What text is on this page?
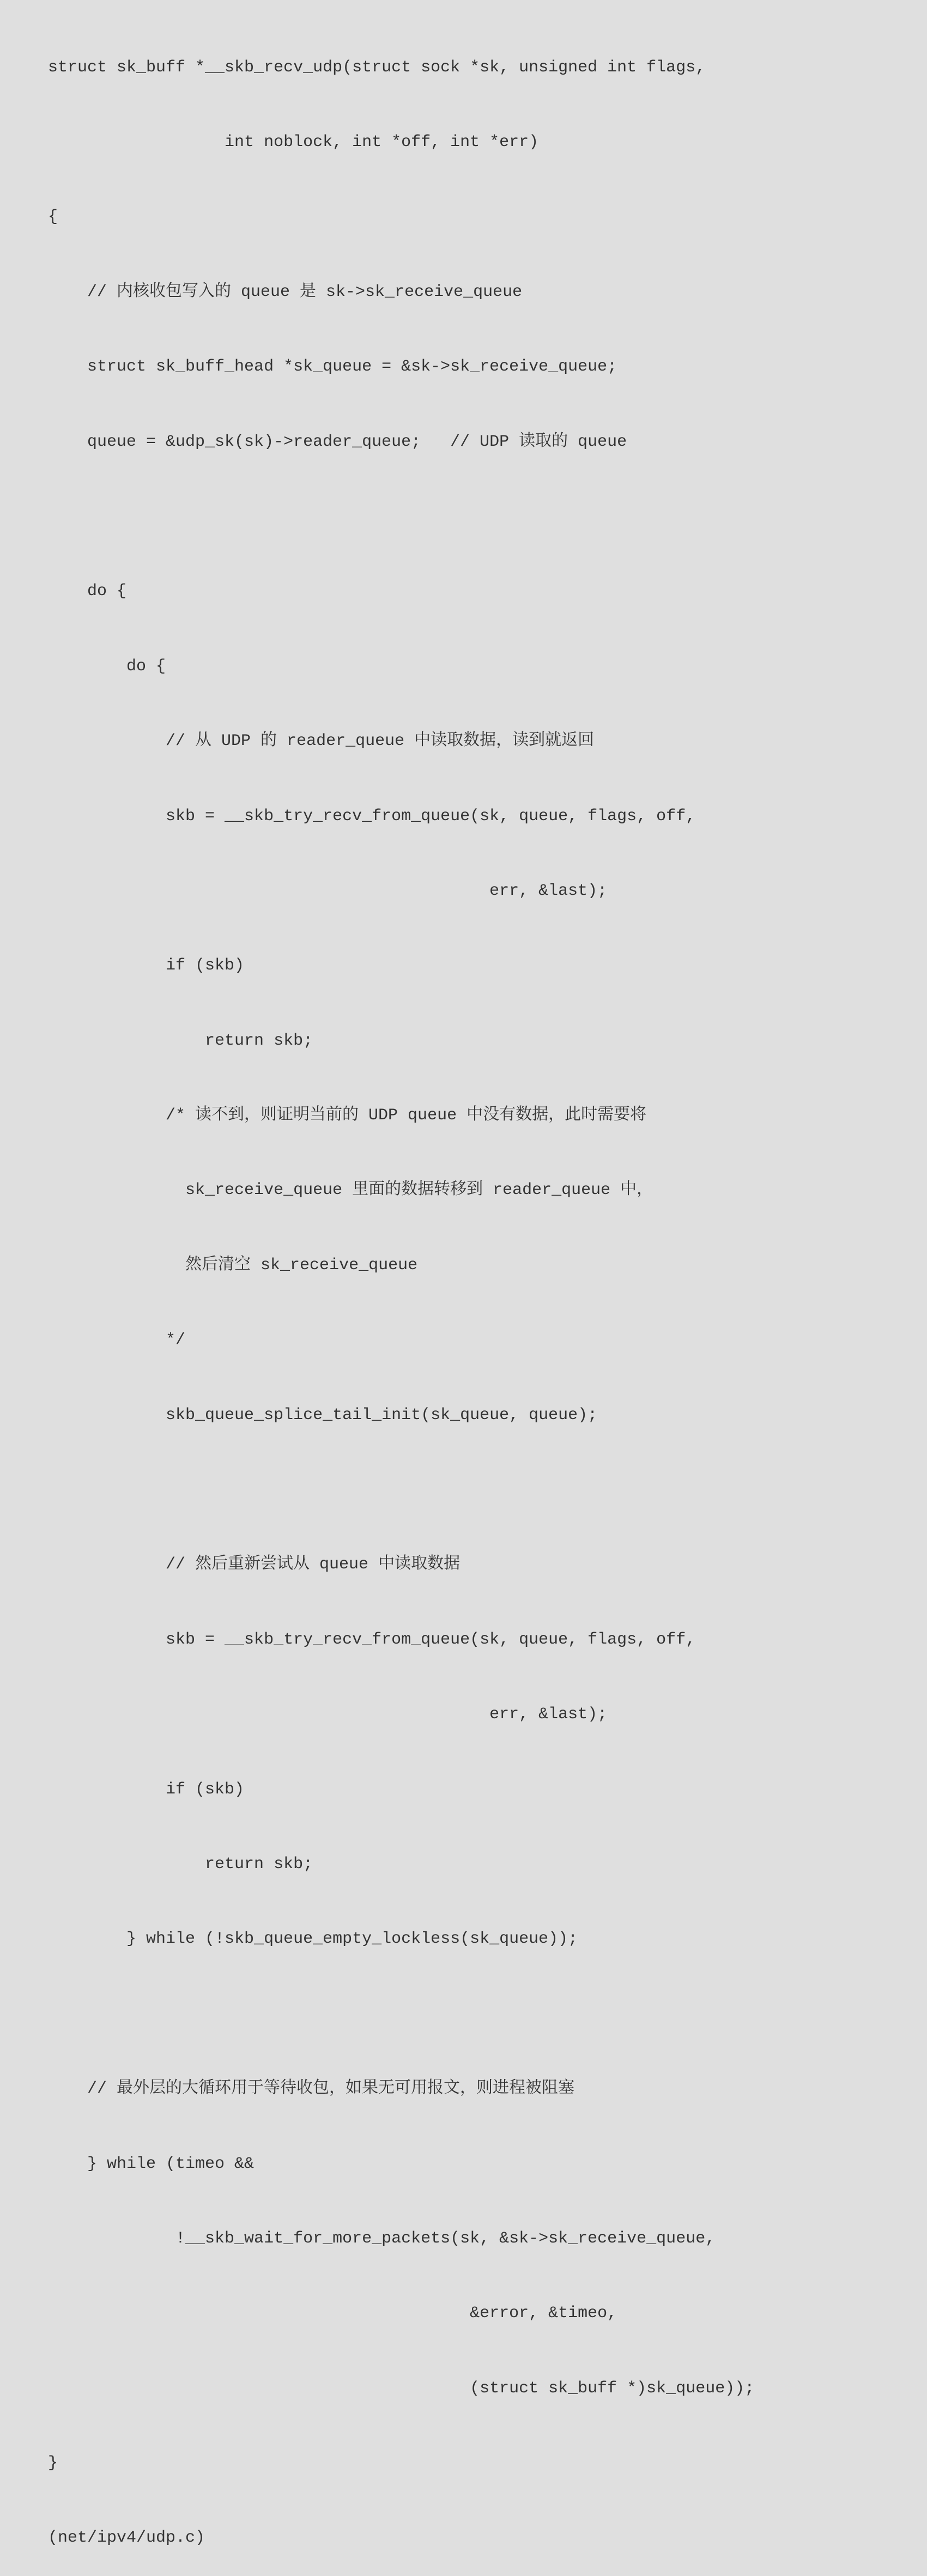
struct sk_buff *__skb_recv_udp(struct sock *sk, unsigned int flags,

int noblock, int *off, int *err)

{

// 内核收包写入的 queue 是 sk->sk_receive_queue

struct sk_buff_head *sk_queue = &sk->sk_receive_queue;

queue = &udp_sk(sk)->reader_queue;   // UDP 读取的 queue

do {

do {

// 从 UDP 的 reader_queue 中读取数据，读到就返回

skb = __skb_try_recv_from_queue(sk, queue, flags, off,

err, &last);

if (skb)

return skb;

/* 读不到，则证明当前的 UDP queue 中没有数据，此时需要将

sk_receive_queue 里面的数据转移到 reader_queue 中，

然后清空 sk_receive_queue

*/

skb_queue_splice_tail_init(sk_queue, queue);

// 然后重新尝试从 queue 中读取数据

skb = __skb_try_recv_from_queue(sk, queue, flags, off,

err, &last);

if (skb)

return skb;

} while (!skb_queue_empty_lockless(sk_queue));

// 最外层的大循环用于等待收包，如果无可用报文，则进程被阻塞

} while (timeo &&

!__skb_wait_for_more_packets(sk, &sk->sk_receive_queue,

&error, &timeo,

(struct sk_buff *)sk_queue));

}

(net/ipv4/udp.c)
